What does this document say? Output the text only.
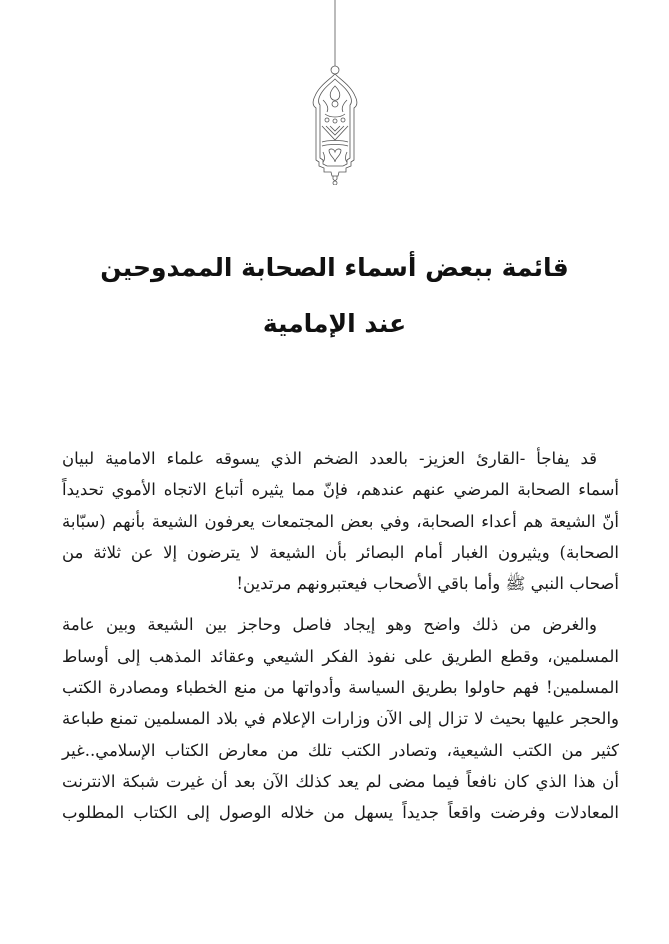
قائمة ببعض أسماء الصحابة الممدوحين
عند الإمامية

قد يفاجأ -القارئ العزيز- بالعدد الضخم الذي يسوقه علماء الامامية لبيان
أسماء الصحابة المرضي عنهم عندهم، فإنّ مما يثيره أتباع الاتجاه الأموي تحديداً
أنّ الشيعة هم أعداء الصحابة، وفي بعض المجتمعات يعرفون الشيعة بأنهم (سبّابة
الصحابة) ويثيرون الغبار أمام البصائر بأن الشيعة لا يترضون إلا عن ثلاثة من
أصحاب النبي ﷺ وأما باقي الأصحاب فيعتبرونهم مرتدين!

والغرض من ذلك واضح وهو إيجاد فاصل وحاجز بين الشيعة وبين عامة
المسلمين، وقطع الطريق على نفوذ الفكر الشيعي وعقائد المذهب إلى أوساط
المسلمين! فهم حاولوا بطريق السياسة وأدواتها من منع الخطباء ومصادرة الكتب
والحجر عليها بحيث لا تزال إلى الآن وزارات الإعلام في بلاد المسلمين تمنع طباعة
كثير من الكتب الشيعية، وتصادر الكتب تلك من معارض الكتاب الإسلامي..غير
أن هذا الذي كان نافعاً فيما مضى لم يعد كذلك الآن بعد أن غيرت شبكة الانترنت
المعادلات وفرضت واقعاً جديداً يسهل من خلاله الوصول إلى الكتاب المطلوب
